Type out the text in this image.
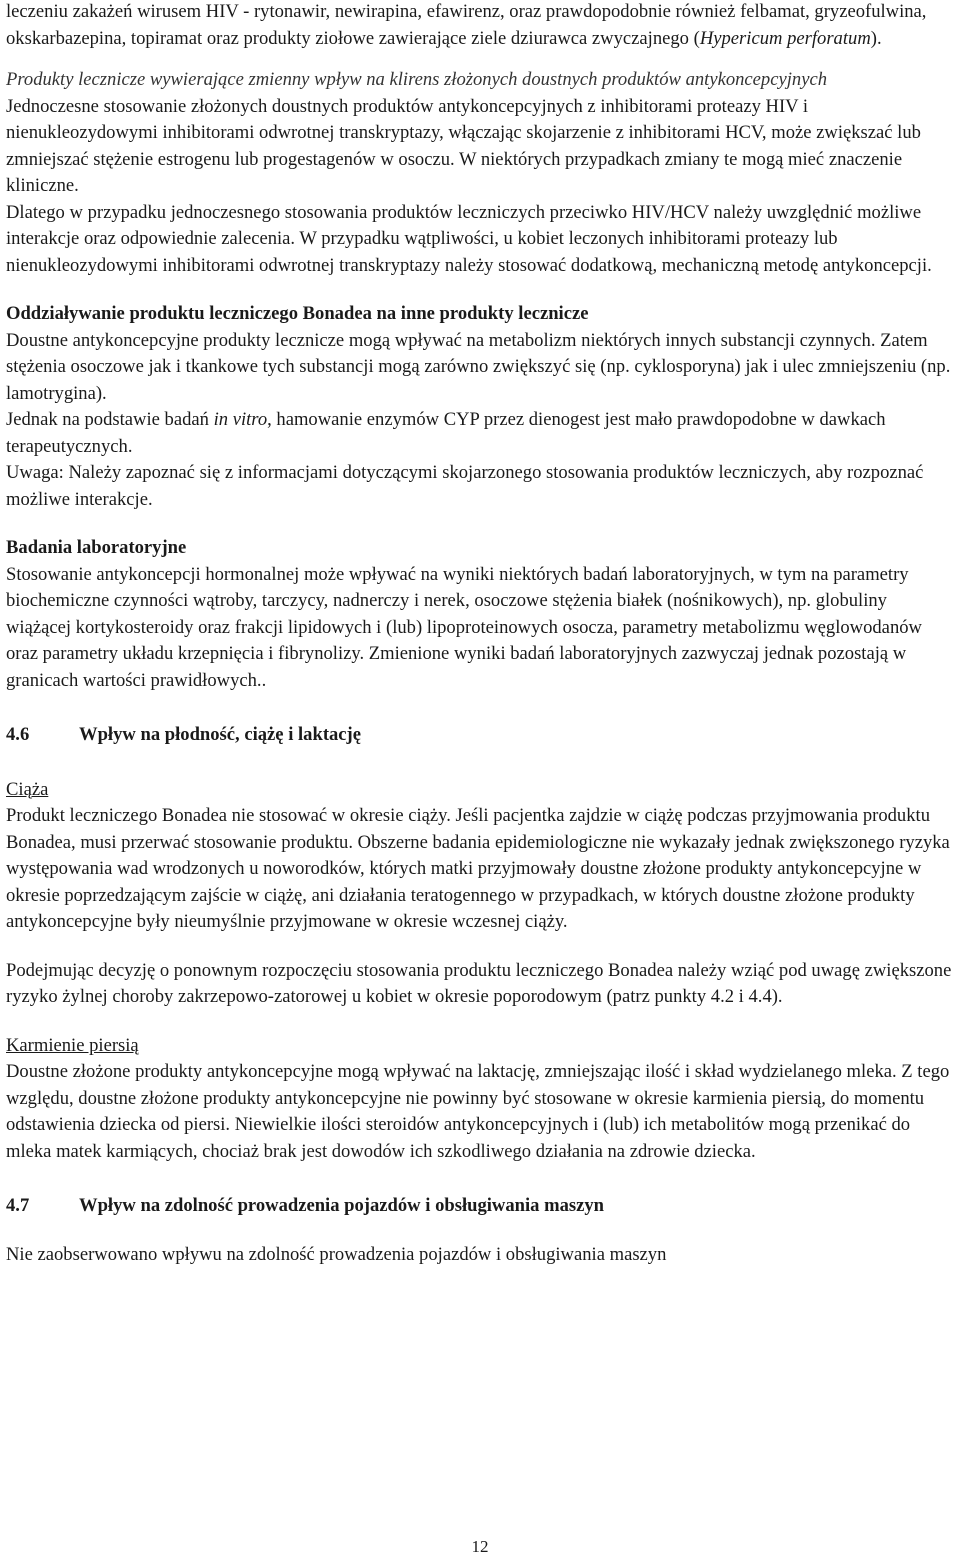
leczeniu zakażeń wirusem HIV - rytonawir, newirapina, efawirenz, oraz prawdopodobnie również felbamat, gryzeofulwina, okskarbazepina, topiramat oraz produkty ziołowe zawierające ziele dziurawca zwyczajnego (Hypericum perforatum).

Produkty lecznicze wywierające zmienny wpływ na klirens złożonych doustnych produktów antykoncepcyjnych

Jednoczesne stosowanie złożonych doustnych produktów antykoncepcyjnych z inhibitorami proteazy HIV i nienukleozydowymi inhibitorami odwrotnej transkryptazy, włączając skojarzenie z inhibitorami HCV, może zwiększać lub zmniejszać stężenie estrogenu lub progestagenów w osoczu. W niektórych przypadkach zmiany te mogą mieć znaczenie kliniczne.

Dlatego w przypadku jednoczesnego stosowania produktów leczniczych przeciwko HIV/HCV należy uwzględnić możliwe interakcje oraz odpowiednie zalecenia. W przypadku wątpliwości, u kobiet leczonych inhibitorami proteazy lub nienukleozydowymi inhibitorami odwrotnej transkryptazy należy stosować dodatkową, mechaniczną metodę antykoncepcji.

Oddziaływanie produktu leczniczego Bonadea na inne produkty lecznicze

Doustne antykoncepcyjne produkty lecznicze mogą wpływać na metabolizm niektórych innych substancji czynnych. Zatem stężenia osoczowe jak i tkankowe tych substancji mogą zarówno zwiększyć się (np. cyklosporyna) jak i ulec zmniejszeniu (np. lamotrygina).

Jednak na podstawie badań in vitro, hamowanie enzymów CYP przez dienogest jest mało prawdopodobne w dawkach terapeutycznych.

Uwaga: Należy zapoznać się z informacjami dotyczącymi skojarzonego stosowania produktów leczniczych, aby rozpoznać możliwe interakcje.

Badania laboratoryjne

Stosowanie antykoncepcji hormonalnej może wpływać na wyniki niektórych badań laboratoryjnych, w tym na parametry biochemiczne czynności wątroby, tarczycy, nadnerczy i nerek, osoczowe stężenia białek (nośnikowych), np. globuliny wiążącej kortykosteroidy oraz frakcji lipidowych i (lub) lipoproteinowych osocza, parametry metabolizmu węglowodanów oraz parametry układu krzepnięcia i fibrynolizy. Zmienione wyniki badań laboratoryjnych zazwyczaj jednak pozostają w granicach wartości prawidłowych..

4.6	Wpływ na płodność, ciążę i laktację

Ciąża

Produkt leczniczego Bonadea nie stosować w okresie ciąży. Jeśli pacjentka zajdzie w ciążę podczas przyjmowania produktu Bonadea, musi przerwać stosowanie produktu. Obszerne badania epidemiologiczne nie wykazały jednak zwiększonego ryzyka występowania wad wrodzonych u noworodków, których matki przyjmowały doustne złożone produkty antykoncepcyjne w okresie poprzedzającym zajście w ciążę, ani działania teratogennego w przypadkach, w których doustne złożone produkty antykoncepcyjne były nieumyślnie przyjmowane w okresie wczesnej ciąży.

Podejmując decyzję o ponownym rozpoczęciu stosowania produktu leczniczego Bonadea należy wziąć pod uwagę zwiększone ryzyko żylnej choroby zakrzepowo-zatorowej u kobiet w okresie poporodowym (patrz punkty 4.2 i 4.4).

Karmienie piersią

Doustne złożone produkty antykoncepcyjne mogą wpływać na laktację, zmniejszając ilość i skład wydzielanego mleka. Z tego względu, doustne złożone produkty antykoncepcyjne nie powinny być stosowane w okresie karmienia piersią, do momentu odstawienia dziecka od piersi. Niewielkie ilości steroidów antykoncepcyjnych i (lub) ich metabolitów mogą przenikać do mleka matek karmiących, chociaż brak jest dowodów ich szkodliwego działania na zdrowie dziecka.

4.7	Wpływ na zdolność prowadzenia pojazdów i obsługiwania maszyn

Nie zaobserwowano wpływu na zdolność prowadzenia pojazdów i obsługiwania maszyn

12
